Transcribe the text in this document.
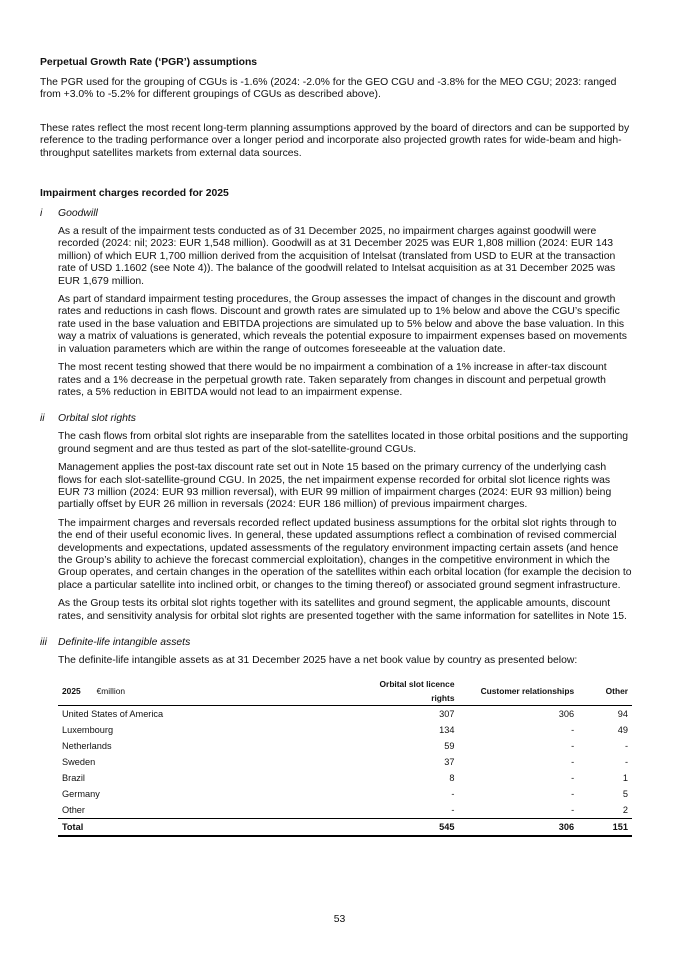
Perpetual Growth Rate (‘PGR’) assumptions

The PGR used for the grouping of CGUs is -1.6% (2024: -2.0% for the GEO CGU and -3.8% for the MEO CGU; 2023: ranged from +3.0% to -5.2% for different groupings of CGUs as described above).

These rates reflect the most recent long-term planning assumptions approved by the board of directors and can be supported by reference to the trading performance over a longer period and incorporate also projected growth rates for wide-beam and high-throughput satellites markets from external data sources.

Impairment charges recorded for 2025
i	Goodwill

As a result of the impairment tests conducted as of 31 December 2025, no impairment charges against goodwill were recorded (2024: nil; 2023: EUR 1,548 million). Goodwill as at 31 December 2025 was EUR 1,808 million (2024: EUR 143 million) of which EUR 1,700 million derived from the acquisition of Intelsat (translated from USD to EUR at the transaction rate of USD 1.1602 (see Note 4)). The balance of the goodwill related to Intelsat acquisition as at 31 December 2025 was EUR 1,679 million.

As part of standard impairment testing procedures, the Group assesses the impact of changes in the discount and growth rates and reductions in cash flows. Discount and growth rates are simulated up to 1% below and above the CGU’s specific rate used in the base valuation and EBITDA projections are simulated up to 5% below and above the base valuation. In this way a matrix of valuations is generated, which reveals the potential exposure to impairment expenses based on movements in valuation parameters which are within the range of outcomes foreseeable at the valuation date.

The most recent testing showed that there would be no impairment a combination of a 1% increase in after-tax discount rates and a 1% decrease in the perpetual growth rate. Taken separately from changes in discount and perpetual growth rates, a 5% reduction in EBITDA would not lead to an impairment expense.

ii	Orbital slot rights

The cash flows from orbital slot rights are inseparable from the satellites located in those orbital positions and the supporting ground segment and are thus tested as part of the slot-satellite-ground CGUs.

Management applies the post-tax discount rate set out in Note 15 based on the primary currency of the underlying cash flows for each slot-satellite-ground CGU. In 2025, the net impairment expense recorded for orbital slot licence rights was EUR 73 million (2024: EUR 93 million reversal), with EUR 99 million of impairment charges (2024: EUR 93 million) being partially offset by EUR 26 million in reversals (2024: EUR 186 million) of previous impairment charges.

The impairment charges and reversals recorded reflect updated business assumptions for the orbital slot rights through to the end of their useful economic lives. In general, these updated assumptions reflect a combination of revised commercial developments and expectations, updated assessments of the regulatory environment impacting certain assets (and hence the Group’s ability to achieve the forecast commercial exploitation), changes in the competitive environment in which the Group operates, and certain changes in the operation of the satellites within each orbital location (for example the decision to place a particular satellite into inclined orbit, or changes to the timing thereof) or associated ground segment infrastructure.

As the Group tests its orbital slot rights together with its satellites and ground segment, the applicable amounts, discount rates, and sensitivity analysis for orbital slot rights are presented together with the same information for satellites in Note 15.

iii	Definite-life intangible assets

The definite-life intangible assets as at 31 December 2025 have a net book value by country as presented below:

2025 €million	Orbital slot licence rights	Customer relationships	Other
United States of America	307	306	94
Luxembourg	134	-	49
Netherlands	59	-	-
Sweden	37	-	-
Brazil	8	-	1
Germany	-	-	5
Other	-	-	2
Total	545	306	151
53
